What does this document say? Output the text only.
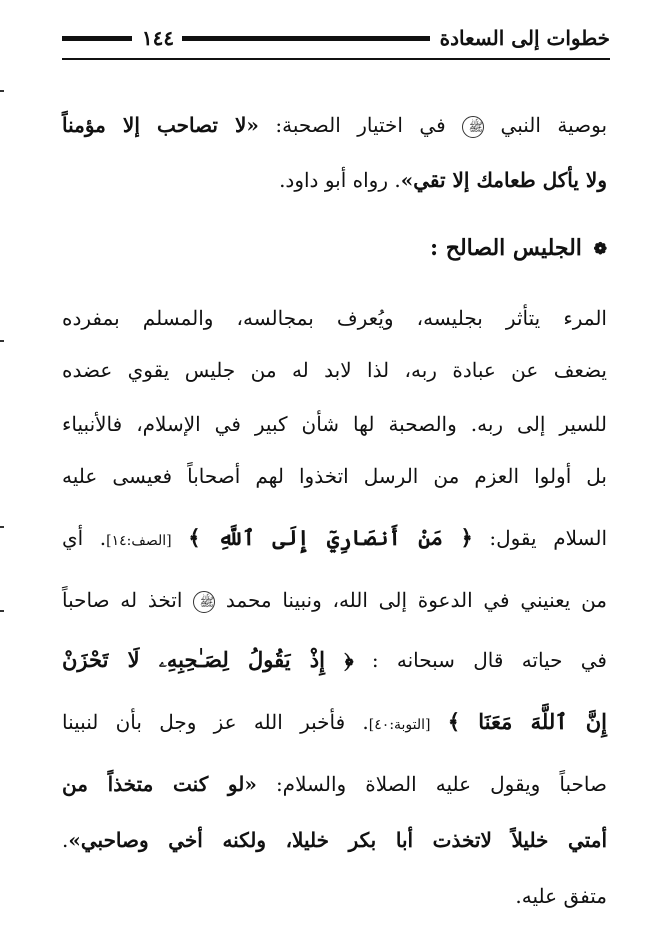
خطوات إلى السعادة
١٤٤
بوصية النبي ﷺ في اختيار الصحبة: «لا تصاحب إلا مؤمناً
ولا يأكل طعامك إلا تقي». رواه أبو داود.
❁ الجليس الصالح :
المرء يتأثر بجليسه، ويُعرف بمجالسه، والمسلم بمفرده
يضعف عن عبادة ربه، لذا لابد له من جليس يقوي عضده
للسير إلى ربه. والصحبة لها شأن كبير في الإسلام، فالأنبياء
بل أولوا العزم من الرسل اتخذوا لهم أصحاباً فعيسى عليه
السلام يقول: ﴿ مَنْ أَنصَارِيٓ إِلَى ٱللَّهِ ﴾ [الصف:١٤]. أي
من يعنيني في الدعوة إلى الله، ونبينا محمد ﷺ اتخذ له صاحباً
في حياته قال سبحانه : ﴿ إِذْ يَقُولُ لِصَـٰحِبِهِۦ لَا تَحْزَنْ
إِنَّ ٱللَّهَ مَعَنَا ﴾ [التوبة:٤٠]. فأخبر الله عز وجل بأن لنبينا
صاحباً ويقول عليه الصلاة والسلام: «لو كنت متخذاً من
أمتي خليلاً لاتخذت أبا بكر خليلا، ولكنه أخي وصاحبي».
متفق عليه.
